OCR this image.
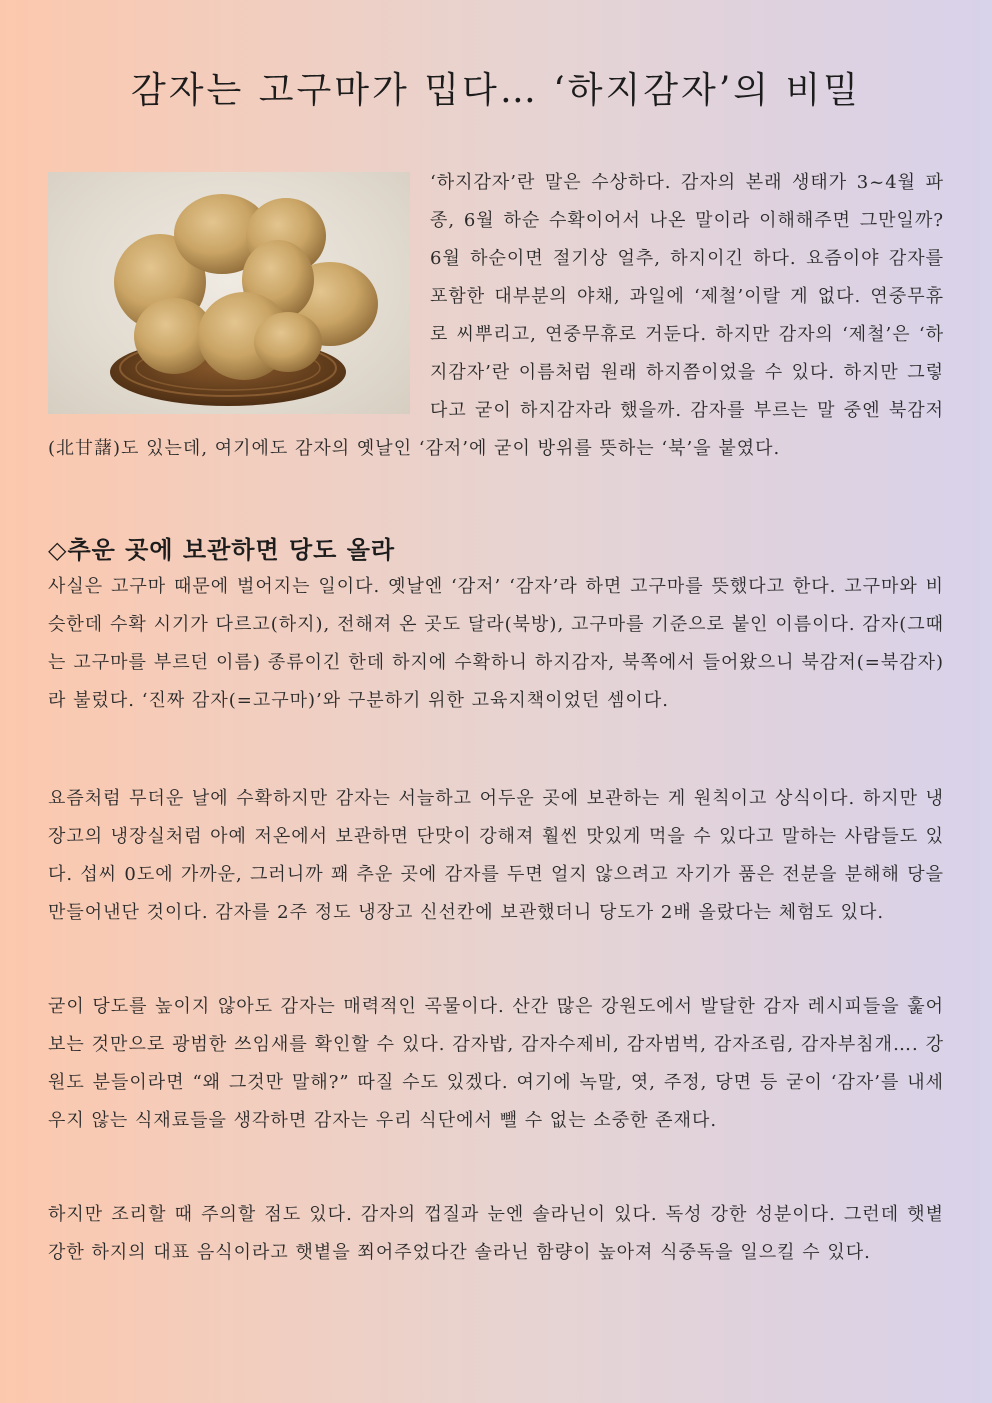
감자는 고구마가 밉다… ‘하지감자’의 비밀

‘하지감자’란 말은 수상하다. 감자의 본래 생태가 3~4월 파종, 6월 하순 수확이어서 나온 말이라 이해해주면 그만일까? 6월 하순이면 절기상 얼추, 하지이긴 하다. 요즘이야 감자를 포함한 대부분의 야채, 과일에 ‘제철’이랄 게 없다. 연중무휴로 씨뿌리고, 연중무휴로 거둔다. 하지만 감자의 ‘제철’은 ‘하지감자’란 이름처럼 원래 하지쯤이었을 수 있다. 하지만 그렇다고 굳이 하지감자라 했을까. 감자를 부르는 말 중엔 북감저(北甘藷)도 있는데, 여기에도 감자의 옛날인 ‘감저’에 굳이 방위를 뜻하는 ‘북’을 붙였다.

◇추운 곳에 보관하면 당도 올라

사실은 고구마 때문에 벌어지는 일이다. 옛날엔 ‘감저’ ‘감자’라 하면 고구마를 뜻했다고 한다. 고구마와 비슷한데 수확 시기가 다르고(하지), 전해져 온 곳도 달라(북방), 고구마를 기준으로 붙인 이름이다. 감자(그때는 고구마를 부르던 이름) 종류이긴 한데 하지에 수확하니 하지감자, 북쪽에서 들어왔으니 북감저(=북감자)라 불렀다. ‘진짜 감자(=고구마)’와 구분하기 위한 고육지책이었던 셈이다.

요즘처럼 무더운 날에 수확하지만 감자는 서늘하고 어두운 곳에 보관하는 게 원칙이고 상식이다. 하지만 냉장고의 냉장실처럼 아예 저온에서 보관하면 단맛이 강해져 훨씬 맛있게 먹을 수 있다고 말하는 사람들도 있다. 섭씨 0도에 가까운, 그러니까 꽤 추운 곳에 감자를 두면 얼지 않으려고 자기가 품은 전분을 분해해 당을 만들어낸단 것이다. 감자를 2주 정도 냉장고 신선칸에 보관했더니 당도가 2배 올랐다는 체험도 있다.

굳이 당도를 높이지 않아도 감자는 매력적인 곡물이다. 산간 많은 강원도에서 발달한 감자 레시피들을 훑어보는 것만으로 광범한 쓰임새를 확인할 수 있다. 감자밥, 감자수제비, 감자범벅, 감자조림, 감자부침개…. 강원도 분들이라면 “왜 그것만 말해?” 따질 수도 있겠다. 여기에 녹말, 엿, 주정, 당면 등 굳이 ‘감자’를 내세우지 않는 식재료들을 생각하면 감자는 우리 식단에서 뺄 수 없는 소중한 존재다.

하지만 조리할 때 주의할 점도 있다. 감자의 껍질과 눈엔 솔라닌이 있다. 독성 강한 성분이다. 그런데 햇볕 강한 하지의 대표 음식이라고 햇볕을 쬐어주었다간 솔라닌 함량이 높아져 식중독을 일으킬 수 있다.
